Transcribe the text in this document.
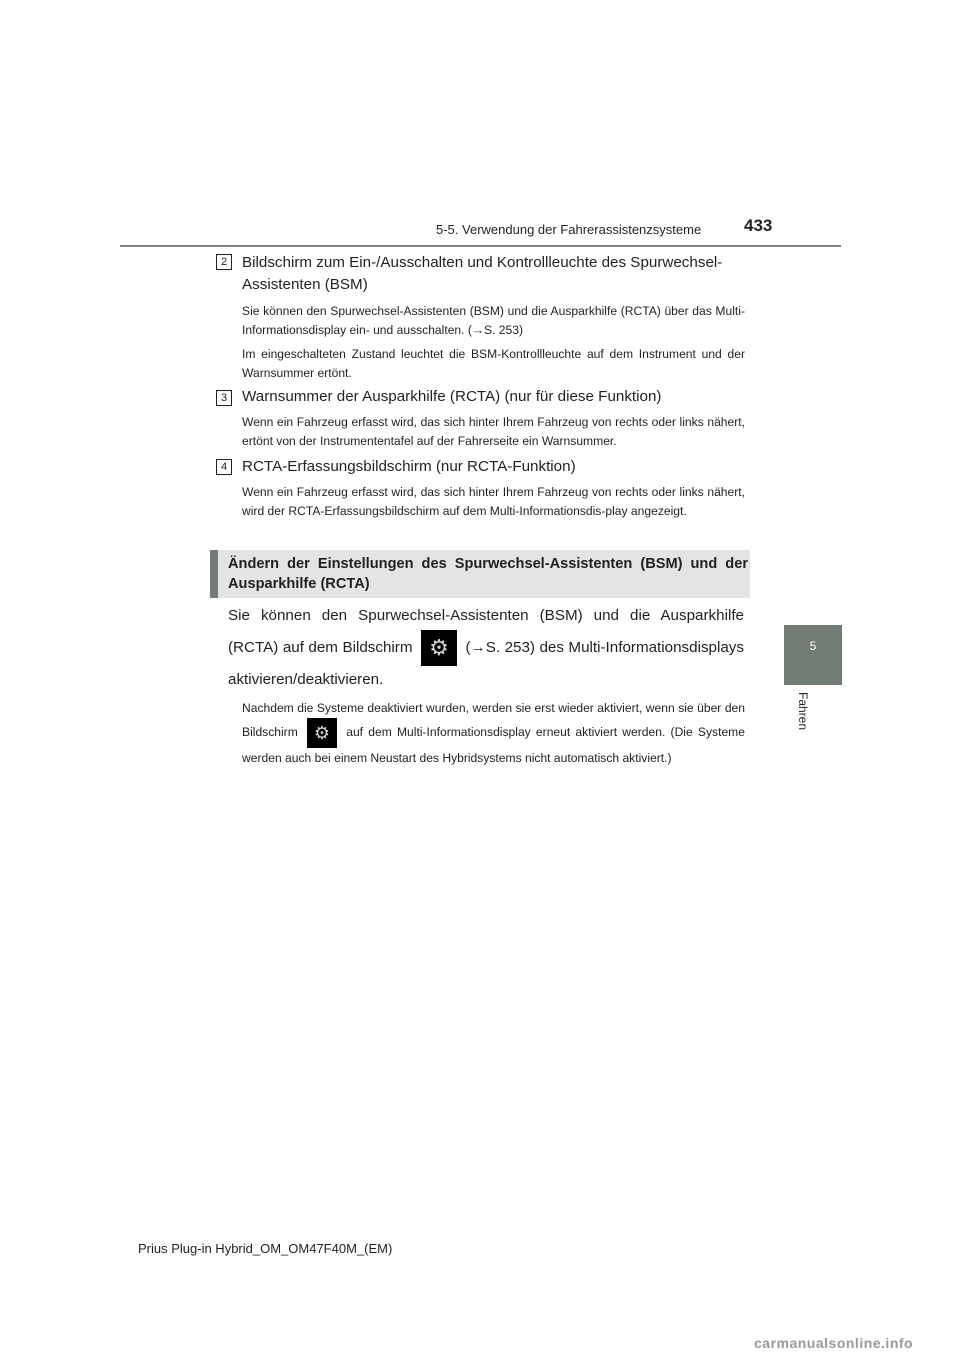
5-5. Verwendung der Fahrerassistenzsysteme	433
5
Fahren
2 Bildschirm zum Ein-/Ausschalten und Kontrollleuchte des Spurwechsel-Assistenten (BSM)
Sie können den Spurwechsel-Assistenten (BSM) und die Ausparkhilfe (RCTA) über das Multi-Informationsdisplay ein- und ausschalten. (→S. 253)
Im eingeschalteten Zustand leuchtet die BSM-Kontrollleuchte auf dem Instrument und der Warnsummer ertönt.
3 Warnsummer der Ausparkhilfe (RCTA) (nur für diese Funktion)
Wenn ein Fahrzeug erfasst wird, das sich hinter Ihrem Fahrzeug von rechts oder links nähert, ertönt von der Instrumententafel auf der Fahrerseite ein Warnsummer.
4 RCTA-Erfassungsbildschirm (nur RCTA-Funktion)
Wenn ein Fahrzeug erfasst wird, das sich hinter Ihrem Fahrzeug von rechts oder links nähert, wird der RCTA-Erfassungsbildschirm auf dem Multi-Informationsdis-play angezeigt.
Ändern der Einstellungen des Spurwechsel-Assistenten (BSM) und der Ausparkhilfe (RCTA)
Sie können den Spurwechsel-Assistenten (BSM) und die Ausparkhilfe (RCTA) auf dem Bildschirm ⚙	(→S. 253) des Multi-Informationsdisplays aktivieren/deaktivieren.
Nachdem die Systeme deaktiviert wurden, werden sie erst wieder aktiviert, wenn sie über den Bildschirm ⚙	auf dem Multi-Informationsdisplay erneut aktiviert werden. (Die Systeme werden auch bei einem Neustart des Hybridsystems nicht automatisch aktiviert.)
Prius Plug-in Hybrid_OM_OM47F40M_(EM)
carmanualsonline.info
